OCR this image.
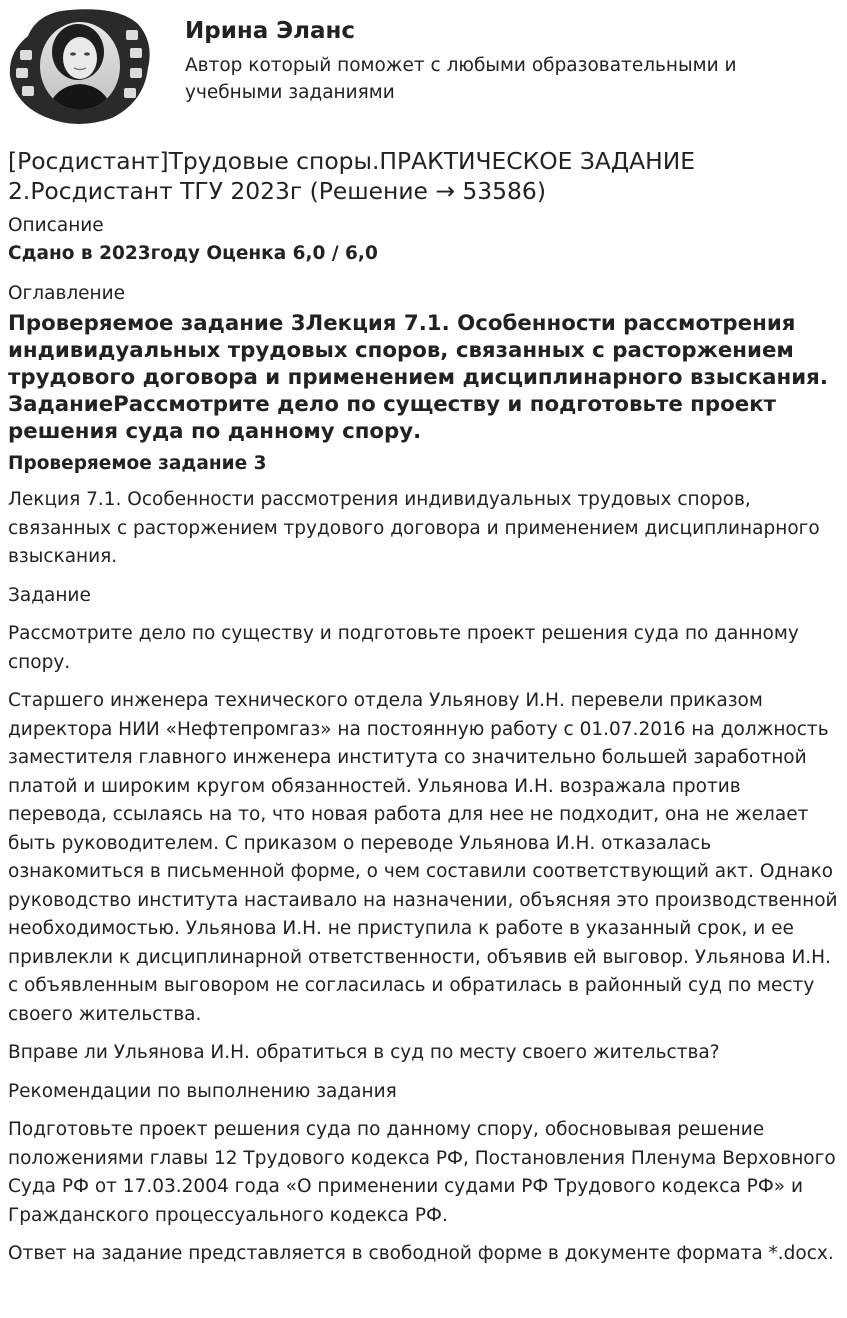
Ирина Эланс

Автор который поможет с любыми образовательными и учебными заданиями

[Росдистант]Трудовые споры.ПРАКТИЧЕСКОЕ ЗАДАНИЕ 2.Росдистант ТГУ 2023г (Решение → 53586)

Описание

Сдано в 2023году Оценка 6,0 / 6,0

Оглавление

Проверяемое задание 3Лекция 7.1. Особенности рассмотрения индивидуальных трудовых споров, связанных с расторжением трудового договора и применением дисциплинарного взыскания. ЗаданиеРассмотрите дело по существу и подготовьте проект решения суда по данному спору.
Проверяемое задание 3

Лекция 7.1. Особенности рассмотрения индивидуальных трудовых споров, связанных с расторжением трудового договора и применением дисциплинарного взыскания.

Задание

Рассмотрите дело по существу и подготовьте проект решения суда по данному спору.

Старшего инженера технического отдела Ульянову И.Н. перевели приказом директора НИИ «Нефтепромгаз» на постоянную работу с 01.07.2016 на должность заместителя главного инженера института со значительно большей заработной платой и широким кругом обязанностей. Ульянова И.Н. возражала против перевода, ссылаясь на то, что новая работа для нее не подходит, она не желает быть руководителем. С приказом о переводе Ульянова И.Н. отказалась ознакомиться в письменной форме, о чем составили соответствующий акт. Однако руководство института настаивало на назначении, объясняя это производственной необходимостью. Ульянова И.Н. не приступила к работе в указанный срок, и ее привлекли к дисциплинарной ответственности, объявив ей выговор. Ульянова И.Н. с объявленным выговором не согласилась и обратилась в районный суд по месту своего жительства.

Вправе ли Ульянова И.Н. обратиться в суд по месту своего жительства?

Рекомендации по выполнению задания

Подготовьте проект решения суда по данному спору, обосновывая решение положениями главы 12 Трудового кодекса РФ, Постановления Пленума Верховного Суда РФ от 17.03.2004 года «О применении судами РФ Трудового кодекса РФ» и Гражданского процессуального кодекса РФ.

Ответ на задание представляется в свободной форме в документе формата *.docx.
